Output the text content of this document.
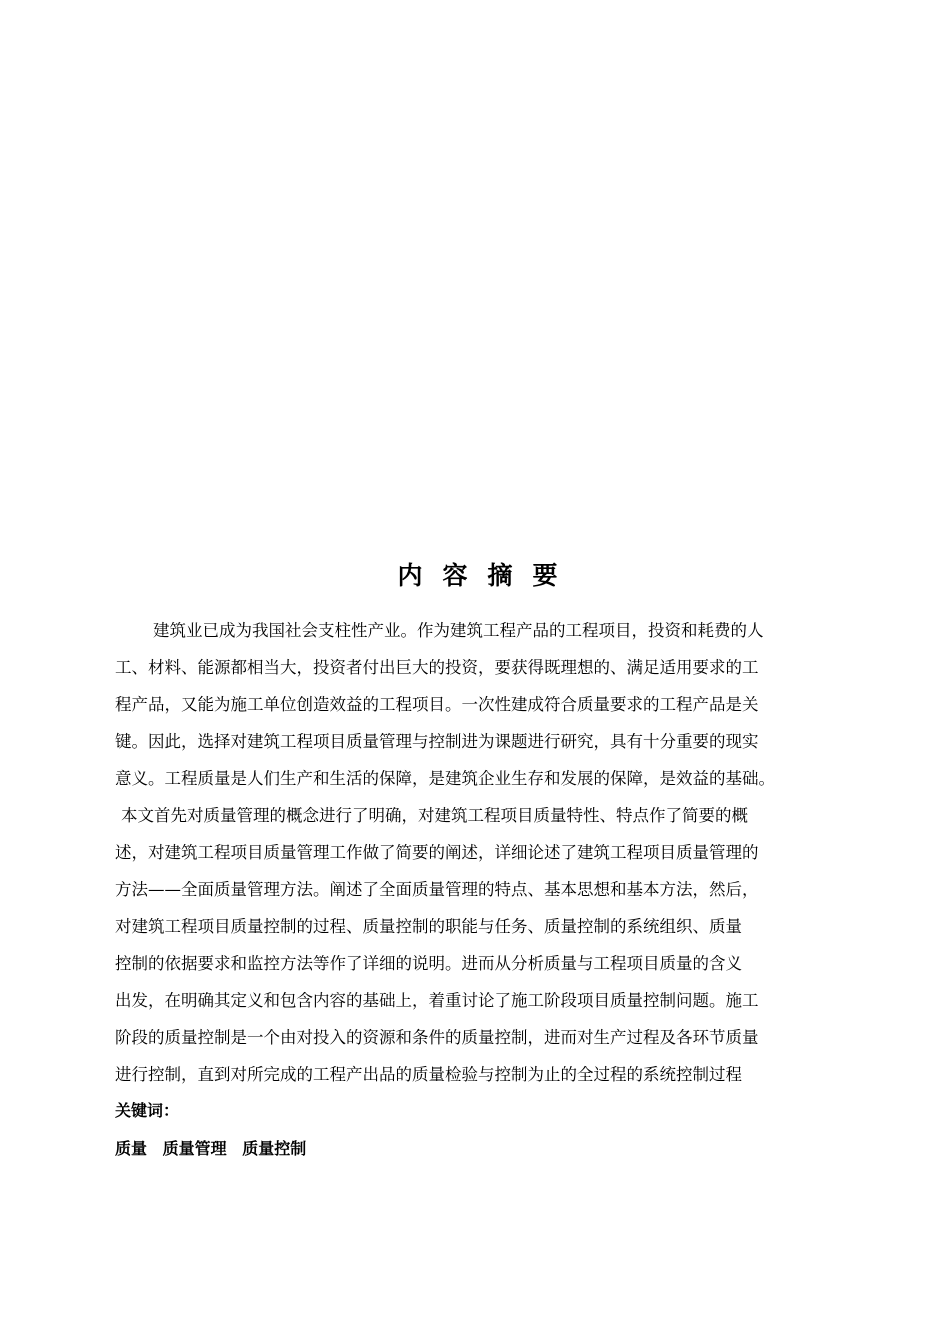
内容摘要
建筑业已成为我国社会支柱性产业。作为建筑工程产品的工程项目，投资和耗费的人
工、材料、能源都相当大，投资者付出巨大的投资，要获得既理想的、满足适用要求的工
程产品，又能为施工单位创造效益的工程项目。一次性建成符合质量要求的工程产品是关
键。因此，选择对建筑工程项目质量管理与控制进为课题进行研究，具有十分重要的现实
意义。工程质量是人们生产和生活的保障，是建筑企业生存和发展的保障，是效益的基础。
本文首先对质量管理的概念进行了明确，对建筑工程项目质量特性、特点作了简要的概
述，对建筑工程项目质量管理工作做了简要的阐述，详细论述了建筑工程项目质量管理的
方法——全面质量管理方法。阐述了全面质量管理的特点、基本思想和基本方法，然后，
对建筑工程项目质量控制的过程、质量控制的职能与任务、质量控制的系统组织、质量
控制的依据要求和监控方法等作了详细的说明。进而从分析质量与工程项目质量的含义
出发，在明确其定义和包含内容的基础上，着重讨论了施工阶段项目质量控制问题。施工
阶段的质量控制是一个由对投入的资源和条件的质量控制，进而对生产过程及各环节质量
进行控制，直到对所完成的工程产出品的质量检验与控制为止的全过程的系统控制过程
关键词：
质量 质量管理 质量控制
